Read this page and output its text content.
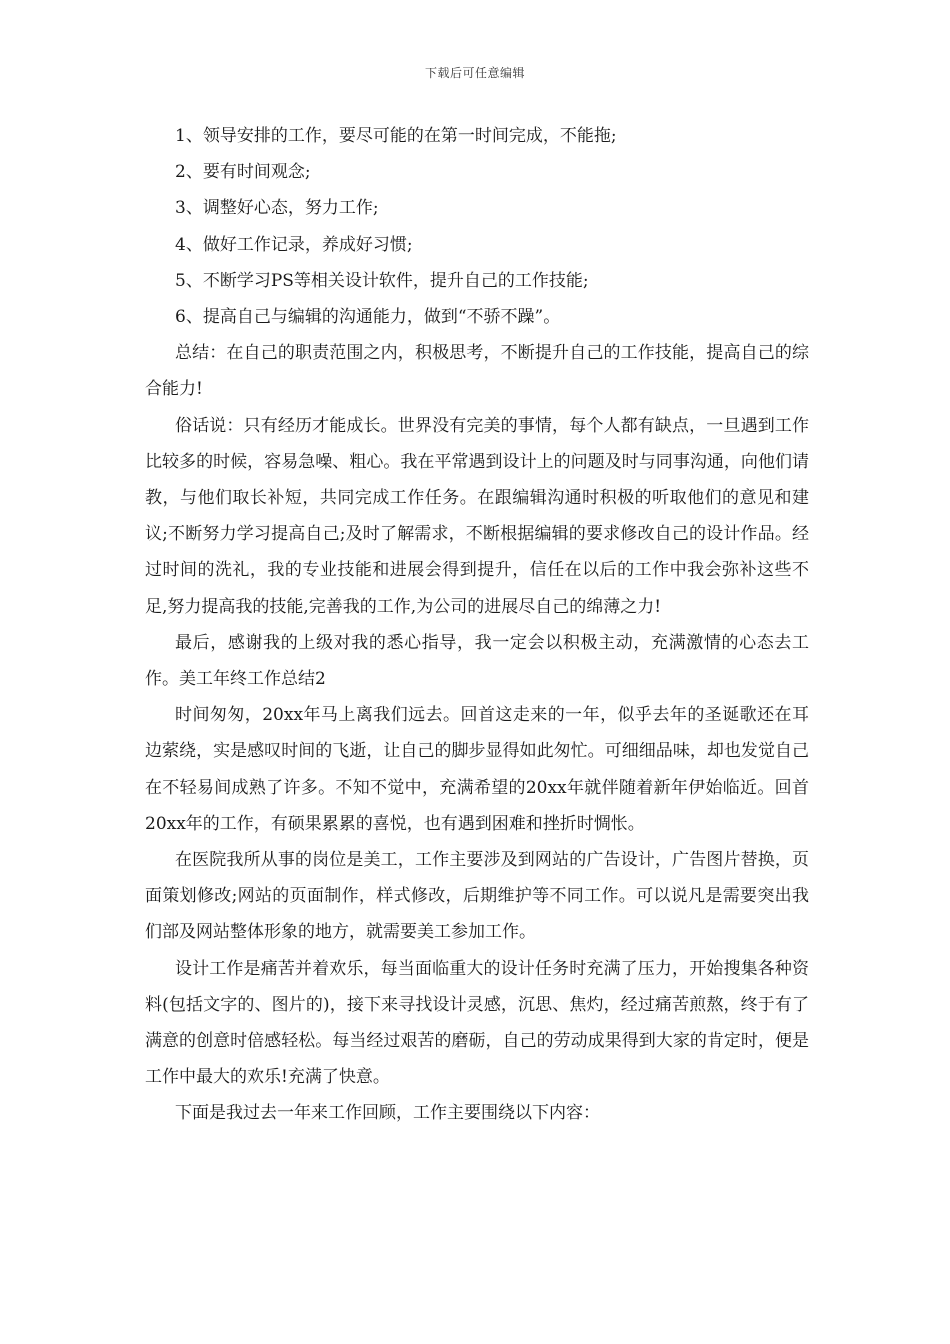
下载后可任意编辑

1、领导安排的工作，要尽可能的在第一时间完成，不能拖;

2、要有时间观念;

3、调整好心态，努力工作;

4、做好工作记录，养成好习惯;

5、不断学习PS等相关设计软件，提升自己的工作技能;

6、提高自己与编辑的沟通能力，做到“不骄不躁”。

总结：在自己的职责范围之内，积极思考，不断提升自己的工作技能，提高自己的综合能力!

俗话说：只有经历才能成长。世界没有完美的事情，每个人都有缺点，一旦遇到工作比较多的时候，容易急噪、粗心。我在平常遇到设计上的问题及时与同事沟通，向他们请教，与他们取长补短，共同完成工作任务。在跟编辑沟通时积极的听取他们的意见和建议;不断努力学习提高自己;及时了解需求，不断根据编辑的要求修改自己的设计作品。经过时间的洗礼，我的专业技能和进展会得到提升，信任在以后的工作中我会弥补这些不足,努力提高我的技能,完善我的工作,为公司的进展尽自己的绵薄之力!

最后，感谢我的上级对我的悉心指导，我一定会以积极主动，充满激情的心态去工作。美工年终工作总结2

时间匆匆，20xx年马上离我们远去。回首这走来的一年，似乎去年的圣诞歌还在耳边萦绕，实是感叹时间的飞逝，让自己的脚步显得如此匆忙。可细细品味，却也发觉自己在不轻易间成熟了许多。不知不觉中，充满希望的20xx年就伴随着新年伊始临近。回首20xx年的工作，有硕果累累的喜悦，也有遇到困难和挫折时惆怅。

在医院我所从事的岗位是美工，工作主要涉及到网站的广告设计，广告图片替换，页面策划修改;网站的页面制作，样式修改，后期维护等不同工作。可以说凡是需要突出我们部及网站整体形象的地方，就需要美工参加工作。

设计工作是痛苦并着欢乐，每当面临重大的设计任务时充满了压力，开始搜集各种资料(包括文字的、图片的)，接下来寻找设计灵感，沉思、焦灼，经过痛苦煎熬，终于有了满意的创意时倍感轻松。每当经过艰苦的磨砺，自己的劳动成果得到大家的肯定时，便是工作中最大的欢乐!充满了快意。

下面是我过去一年来工作回顾，工作主要围绕以下内容：
